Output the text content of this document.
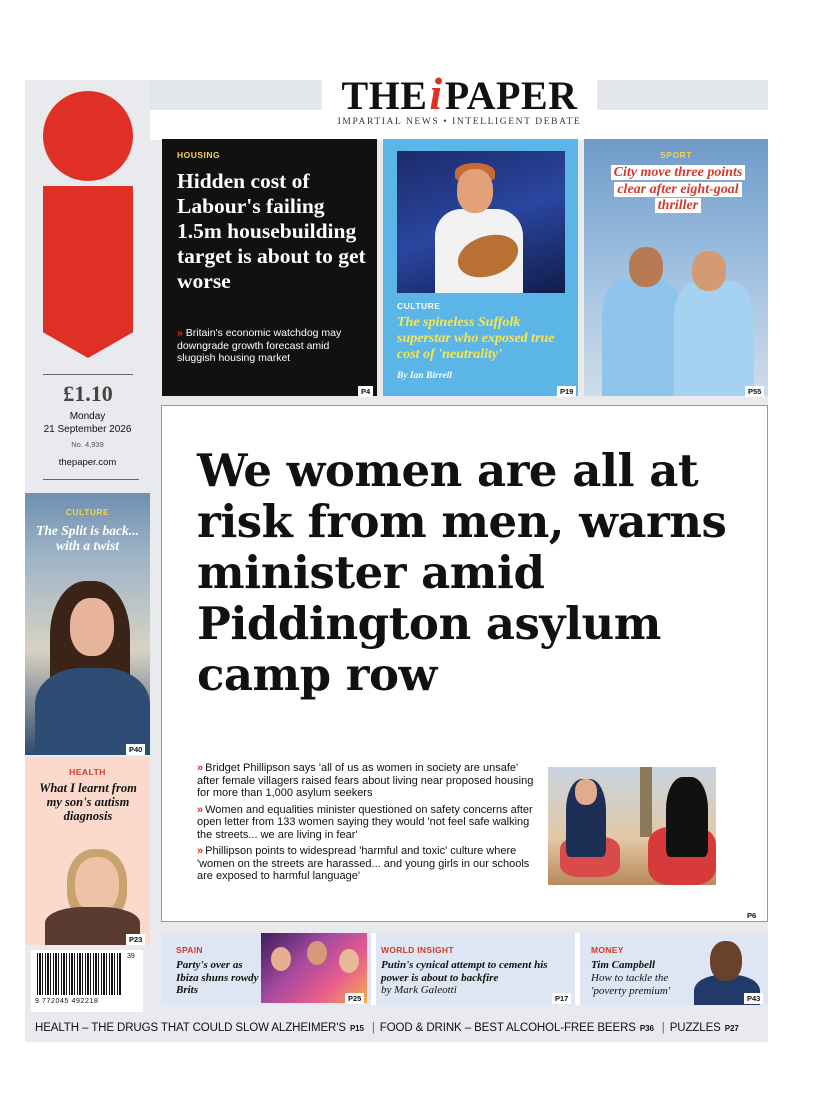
THEiPAPER
IMPARTIAL NEWS • INTELLIGENT DEBATE
£1.10
Monday
21 September 2026
No. 4,939
thepaper.com
CULTURE
The Split is back... with a twist
P40
HEALTH
What I learnt from my son's autism diagnosis
P23
39
9 772045 492218
HOUSING
Hidden cost of Labour's failing 1.5m housebuilding target is about to get worse
» Britain's economic watchdog may downgrade growth forecast amid sluggish housing market
P4
CULTURE
The spineless Suffolk superstar who exposed true cost of 'neutrality'
By Ian Birrell
P19
SPORT
City move three points clear after eight-goal thriller
P55
We women are all at risk from men, warns minister amid Piddington asylum camp row
» Bridget Phillipson says 'all of us as women in society are unsafe' after female villagers raised fears about living near proposed housing for more than 1,000 asylum seekers
» Women and equalities minister questioned on safety concerns after open letter from 133 women saying they would 'not feel safe walking the streets... we are living in fear'
» Phillipson points to widespread 'harmful and toxic' culture where 'women on the streets are harassed... and young girls in our schools are exposed to harmful language'
P6
SPAIN
Party's over as Ibiza shuns rowdy Brits
P25
WORLD INSIGHT
Putin's cynical attempt to cement his power is about to backfire
by Mark Galeotti
P17
MONEY
Tim Campbell
How to tackle the 'poverty premium'
P43
HEALTH – THE DRUGS THAT COULD SLOW ALZHEIMER'S P15 | FOOD & DRINK – BEST ALCOHOL-FREE BEERS P36 | PUZZLES P27
